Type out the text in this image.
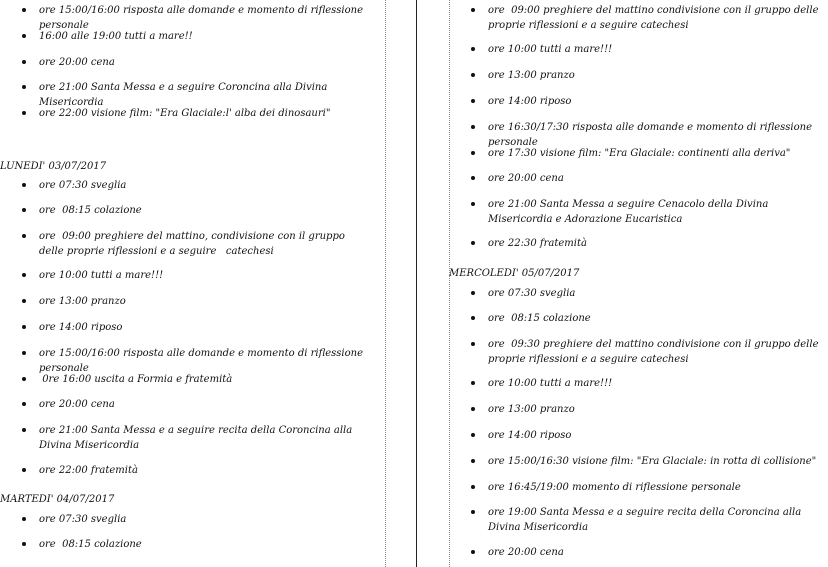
ore 15:00/16:00 risposta alle domande e momento di riflessione personale
16:00 alle 19:00 tutti a mare!!
ore 20:00 cena
ore 21:00 Santa Messa e a seguire Coroncina alla Divina Misericordia
ore 22:00 visione film: "Era Glaciale:l' alba dei dinosauri"
LUNEDI' 03/07/2017
ore 07:30 sveglia
ore  08:15 colazione
ore  09:00 preghiere del mattino, condivisione con il gruppo delle proprie riflessioni e a seguire   catechesi
ore 10:00 tutti a mare!!!
ore 13:00 pranzo
ore 14:00 riposo
ore 15:00/16:00 risposta alle domande e momento di riflessione personale
0re 16:00 uscita a Formia e fratemità
ore 20:00 cena
ore 21:00 Santa Messa e a seguire recita della Coroncina alla Divina Misericordia
ore 22:00 fratemità
MARTEDI' 04/07/2017
ore 07:30 sveglia
ore  08:15 colazione
ore  09:00 preghiere del mattino condivisione con il gruppo delle proprie riflessioni e a seguire catechesi
ore 10:00 tutti a mare!!!
ore 13:00 pranzo
ore 14:00 riposo
ore 16:30/17:30 risposta alle domande e momento di riflessione personale
ore 17:30 visione film: "Era Glaciale: continenti alla deriva"
ore 20:00 cena
ore 21:00 Santa Messa a seguire Cenacolo della Divina Misericordia e Adorazione Eucaristica
ore 22:30 fratemità
MERCOLEDI' 05/07/2017
ore 07:30 sveglia
ore  08:15 colazione
ore  09:30 preghiere del mattino condivisione con il gruppo delle proprie riflessioni e a seguire catechesi
ore 10:00 tutti a mare!!!
ore 13:00 pranzo
ore 14:00 riposo
ore 15:00/16:30 visione film: "Era Glaciale: in rotta di collisione"
ore 16:45/19:00 momento di riflessione personale
ore 19:00 Santa Messa e a seguire recita della Coroncina alla Divina Misericordia
ore 20:00 cena
